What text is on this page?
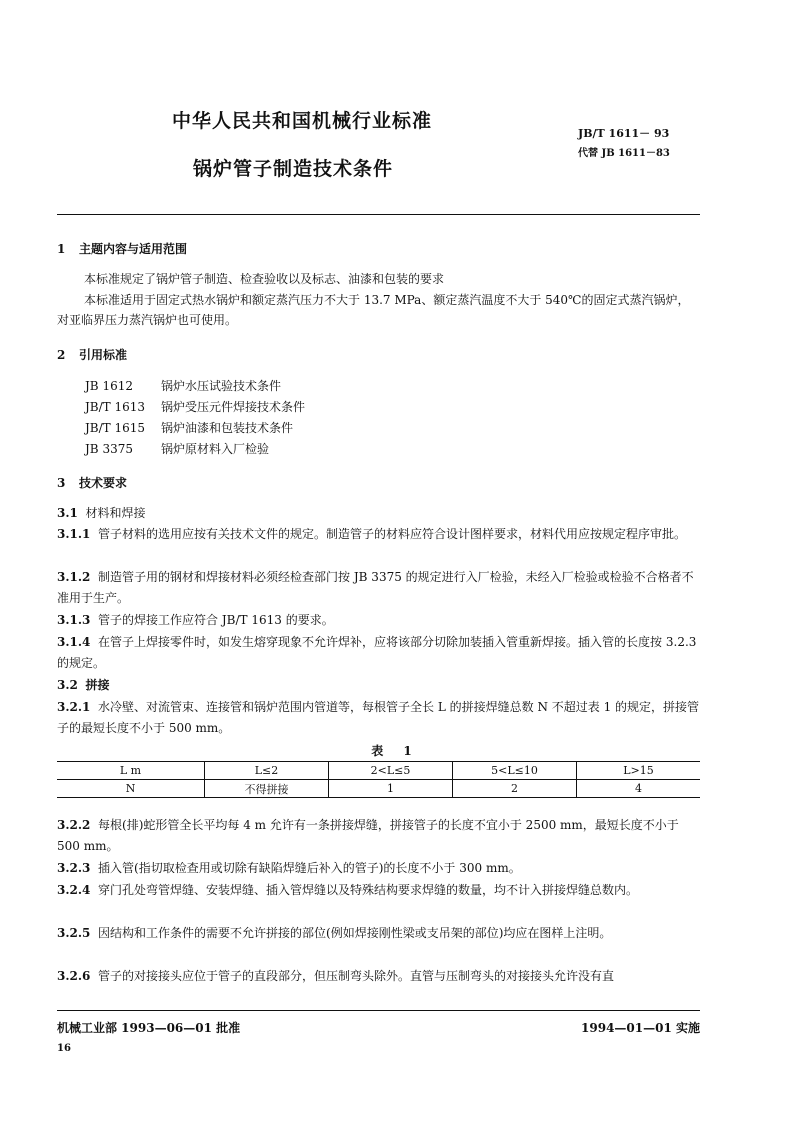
中华人民共和国机械行业标准
锅炉管子制造技术条件
JB/T 1611－ 93
代替 JB 1611－83
1 主题内容与适用范围
本标准规定了锅炉管子制造、检查验收以及标志、油漆和包装的要求
本标准适用于固定式热水锅炉和额定蒸汽压力不大于 13.7 MPa、额定蒸汽温度不大于 540℃的固定式蒸汽锅炉，对亚临界压力蒸汽锅炉也可使用。
2 引用标准
JB 1612 锅炉水压试验技术条件
JB/T 1613 锅炉受压元件焊接技术条件
JB/T 1615 锅炉油漆和包装技术条件
JB 3375 锅炉原材料入厂检验
3 技术要求
3.1 材料和焊接
3.1.1 管子材料的选用应按有关技术文件的规定。制造管子的材料应符合设计图样要求，材料代用应按规定程序审批。
3.1.2 制造管子用的钢材和焊接材料必须经检查部门按 JB 3375 的规定进行入厂检验，未经入厂检验或检验不合格者不准用于生产。
3.1.3 管子的焊接工作应符合 JB/T 1613 的要求。
3.1.4 在管子上焊接零件时，如发生熔穿现象不允许焊补，应将该部分切除加装插入管重新焊接。插入管的长度按 3.2.3 的规定。
3.2 拼接
3.2.1 水冷壁、对流管束、连接管和锅炉范围内管道等，每根管子全长 L 的拼接焊缝总数 N 不超过表 1 的规定，拼接管子的最短长度不小于 500 mm。
表 1
L m	L≤2	2<L≤5	5<L≤10	L>15
N	不得拼接	1	2	4
3.2.2 每根(排)蛇形管全长平均每 4 m 允许有一条拼接焊缝，拼接管子的长度不宜小于 2500 mm，最短长度不小于 500 mm。
3.2.3 插入管(指切取检查用或切除有缺陷焊缝后补入的管子)的长度不小于 300 mm。
3.2.4 穿门孔处弯管焊缝、安装焊缝、插入管焊缝以及特殊结构要求焊缝的数量，均不计入拼接焊缝总数内。
3.2.5 因结构和工作条件的需要不允许拼接的部位(例如焊接刚性梁或支吊架的部位)均应在图样上注明。
3.2.6 管子的对接接头应位于管子的直段部分，但压制弯头除外。直管与压制弯头的对接接头允许没有直
机械工业部 1993—06—01 批准	1994—01—01 实施
16
